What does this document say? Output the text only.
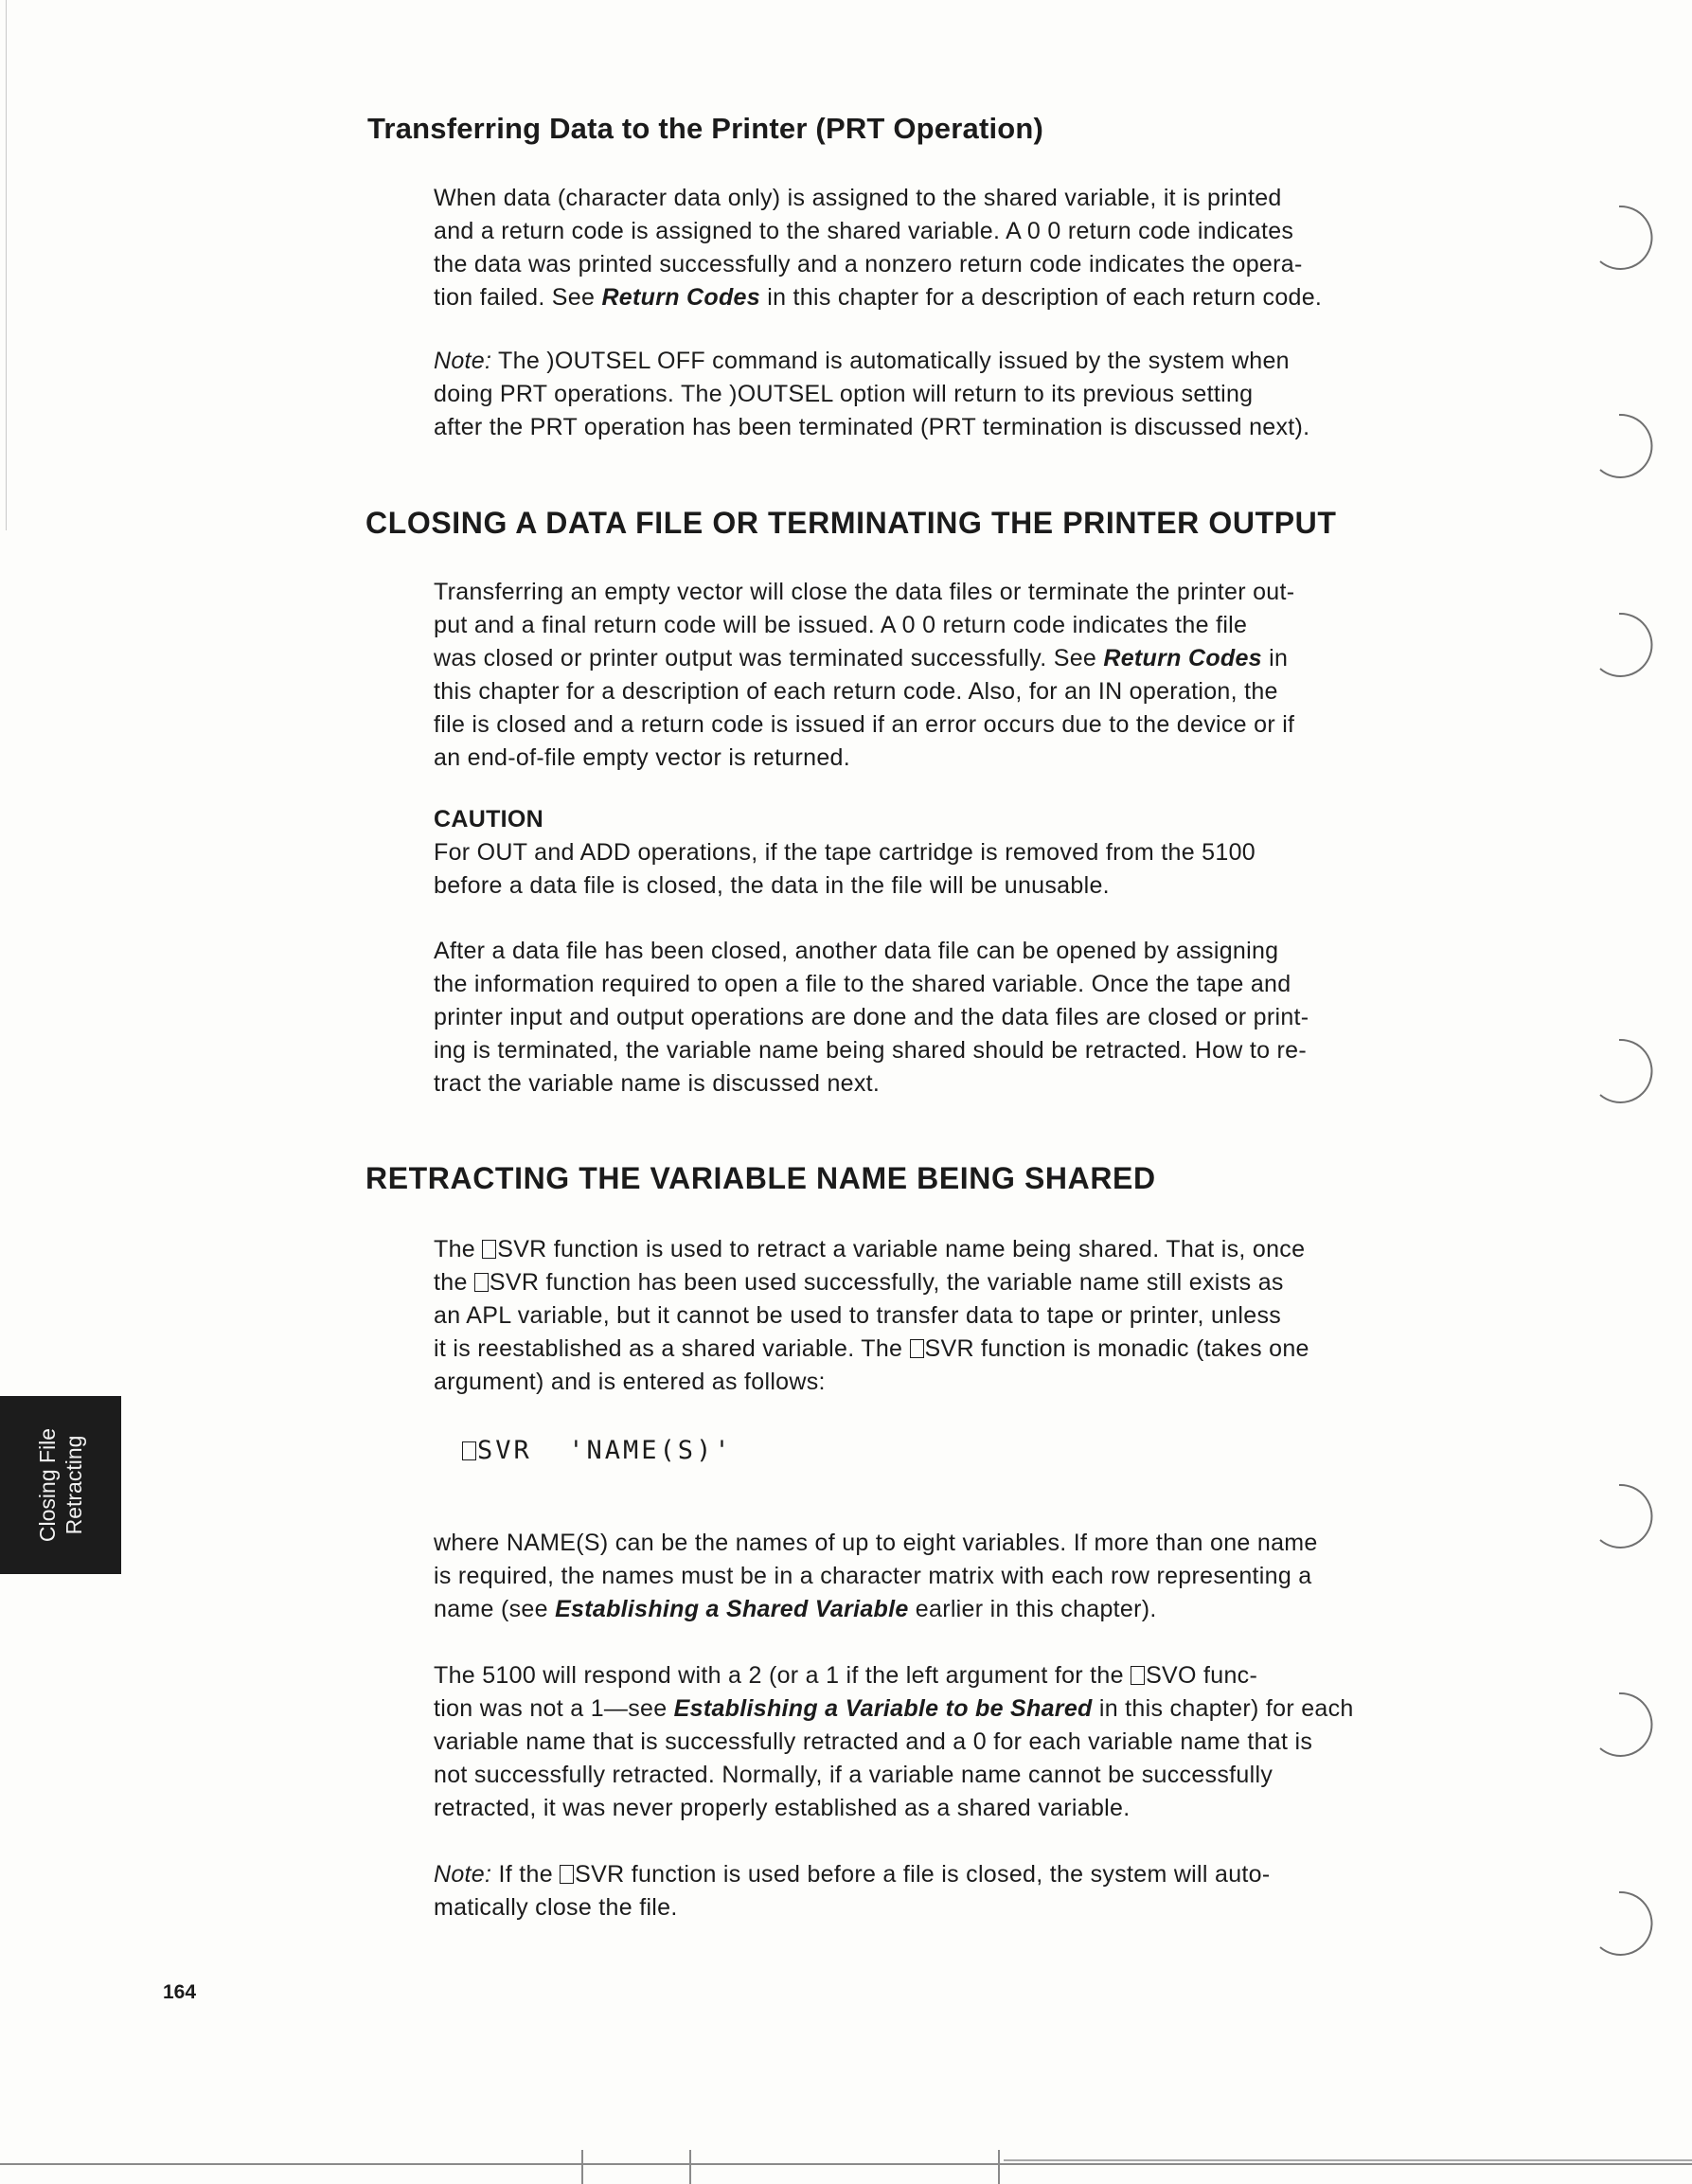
Transferring Data to the Printer (PRT Operation)
When data (character data only) is assigned to the shared variable, it is printed
and a return code is assigned to the shared variable. A 0 0 return code indicates
the data was printed successfully and a nonzero return code indicates the opera-
tion failed. See Return Codes in this chapter for a description of each return code.
Note: The )OUTSEL OFF command is automatically issued by the system when
doing PRT operations. The )OUTSEL option will return to its previous setting
after the PRT operation has been terminated (PRT termination is discussed next).
CLOSING A DATA FILE OR TERMINATING THE PRINTER OUTPUT
Transferring an empty vector will close the data files or terminate the printer out-
put and a final return code will be issued. A 0 0 return code indicates the file
was closed or printer output was terminated successfully. See Return Codes in
this chapter for a description of each return code. Also, for an IN operation, the
file is closed and a return code is issued if an error occurs due to the device or if
an end-of-file empty vector is returned.
CAUTION
For OUT and ADD operations, if the tape cartridge is removed from the 5100
before a data file is closed, the data in the file will be unusable.
After a data file has been closed, another data file can be opened by assigning
the information required to open a file to the shared variable. Once the tape and
printer input and output operations are done and the data files are closed or print-
ing is terminated, the variable name being shared should be retracted. How to re-
tract the variable name is discussed next.
RETRACTING THE VARIABLE NAME BEING SHARED
The SVR function is used to retract a variable name being shared. That is, once
the SVR function has been used successfully, the variable name still exists as
an APL variable, but it cannot be used to transfer data to tape or printer, unless
it is reestablished as a shared variable. The SVR function is monadic (takes one
argument) and is entered as follows:
SVR  'NAME(S)'
where NAME(S) can be the names of up to eight variables. If more than one name
is required, the names must be in a character matrix with each row representing a
name (see Establishing a Shared Variable earlier in this chapter).
The 5100 will respond with a 2 (or a 1 if the left argument for the SVO func-
tion was not a 1—see Establishing a Variable to be Shared in this chapter) for each
variable name that is successfully retracted and a 0 for each variable name that is
not successfully retracted. Normally, if a variable name cannot be successfully
retracted, it was never properly established as a shared variable.
Note: If the SVR function is used before a file is closed, the system will auto-
matically close the file.
164
Closing File Retracting
